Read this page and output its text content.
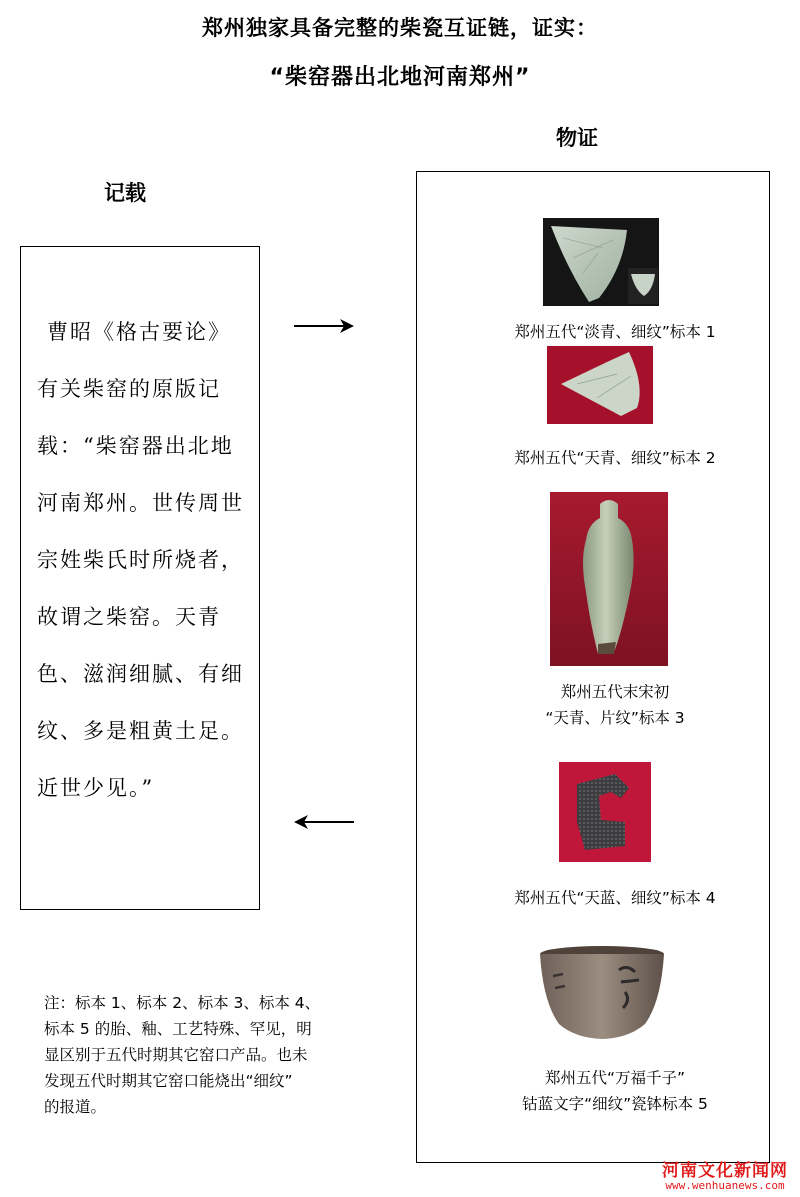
郑州独家具备完整的柴瓷互证链，证实：
“柴窑器出北地河南郑州”
物证
记载
曹昭《格古要论》
有关柴窑的原版记
载：“柴窑器出北地
河南郑州。世传周世
宗姓柴氏时所烧者，
故谓之柴窑。天青
色、滋润细腻、有细
纹、多是粗黄土足。
近世少见。”
注：标本 1、标本 2、标本 3、标本 4、
标本 5 的胎、釉、工艺特殊、罕见，明
显区别于五代时期其它窑口产品。也未
发现五代时期其它窑口能烧出“细纹”
的报道。
郑州五代“淡青、细纹”标本 1
郑州五代“天青、细纹”标本 2
郑州五代末宋初
“天青、片纹”标本 3
郑州五代“天蓝、细纹”标本 4
郑州五代“万福千子”
钴蓝文字“细纹”瓷钵标本 5
河南文化新闻网
www.wenhuanews.com
